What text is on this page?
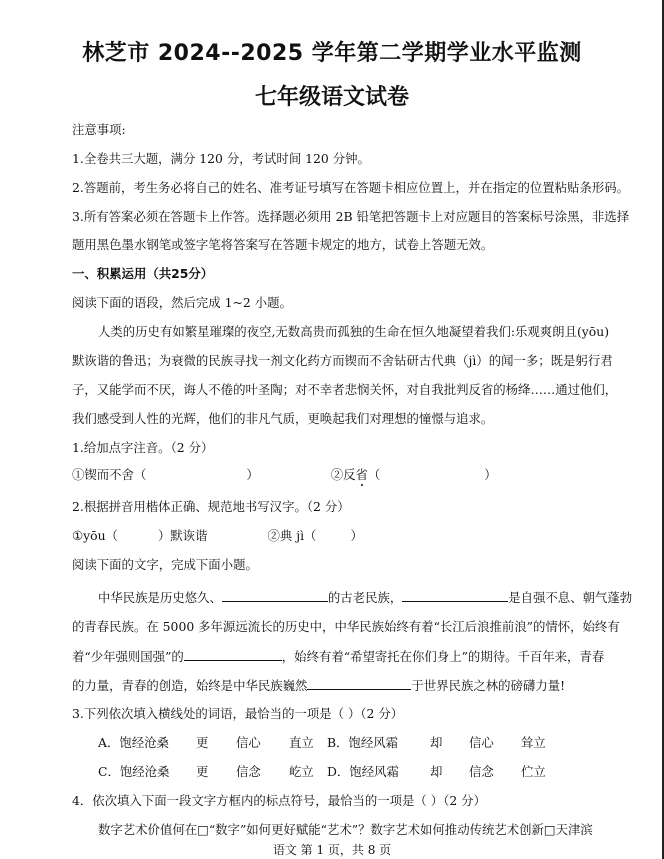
林芝市 2024--2025 学年第二学期学业水平监测
七年级语文试卷
注意事项:
1.全卷共三大题，满分 120 分，考试时间 120 分钟。
2.答题前，考生务必将自己的姓名、准考证号填写在答题卡相应位置上，并在指定的位置粘贴条形码。
3.所有答案必须在答题卡上作答。选择题必须用 2B 铅笔把答题卡上对应题目的答案标号涂黑，非选择
题用黑色墨水钢笔或签字笔将答案写在答题卡规定的地方，试卷上答题无效。
一、积累运用（共25分）
阅读下面的语段，然后完成 1~2 小题。
人类的历史有如繁星璀璨的夜空,无数高贵而孤独的生命在恒久地凝望着我们:乐观爽朗且(yōu)
默诙谐的鲁迅；为衰微的民族寻找一剂文化药方而锲而不舍钻研古代典（jì）的闻一多；既是躬行君
子，又能学而不厌，诲人不倦的叶圣陶；对不幸者悲悯关怀，对自我批判反省的杨绛……通过他们，
我们感受到人性的光辉，他们的非凡气质，更唤起我们对理想的憧憬与追求。
1.给加点字注音。（2 分）
①锲而不舍（	）	②反省（	）
2.根据拼音用楷体正确、规范地书写汉字。（2 分）
①yōu（	）默诙谐	②典 jì（	）
阅读下面的文字，完成下面小题。
中华民族是历史悠久、	的古老民族，	是自强不息、朝气蓬勃
的青春民族。在 5000 多年源远流长的历史中，中华民族始终有着“长江后浪推前浪”的情怀，始终有
着“少年强则国强”的	，始终有着“希望寄托在你们身上”的期待。千百年来，青春
的力量，青春的创造，始终是中华民族巍然	于世界民族之林的磅礴力量!
3.下列依次填入横线处的词语，最恰当的一项是（ ）（2 分）
A．饱经沧桑 更 信心 直立 B．饱经风霜	却 信心 耸立
C．饱经沧桑 更 信念 屹立 D．饱经风霜	却 信念 伫立
4．依次填入下面一段文字方框内的标点符号，最恰当的一项是（ ）（2 分）
数字艺术价值何在□“数字”如何更好赋能“艺术”？数字艺术如何推动传统艺术创新□天津滨
语文 第 1 页，共 8 页
